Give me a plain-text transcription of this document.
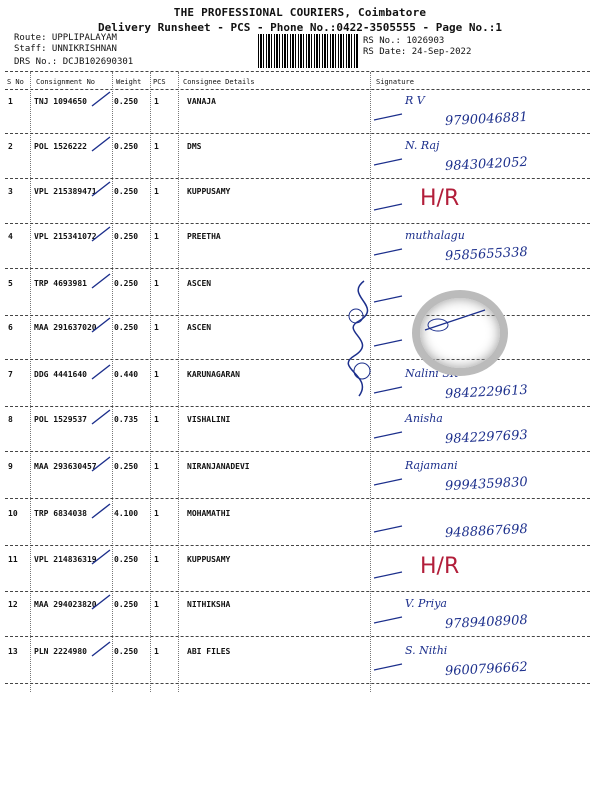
THE PROFESSIONAL COURIERS, Coimbatore
Delivery Runsheet - PCS - Phone No.:0422-3505555 - Page No.:1
Route: UPPLIPALAYAM
Staff: UNNIKRISHNAN
DRS No.: DCJB102690301
RS No.: 1026903
RS Date: 24-Sep-2022
S No Consignment No	Weight PCS Consignee Details	Signature
1	TNJ 1094650	0.250 1	VANAJA	R V
9790046881
2	POL 1526222	0.250 1	DMS	N. Raj
9843042052
3	VPL 215389471 0.250 1	KUPPUSAMY	H/R
4	VPL 215341072 0.250 1	PREETHA	muthalagu
9585655338
5	TRP 4693981	0.250 1	ASCEN
6	MAA 291637020 0.250 1	ASCEN
7	DDG 4441640	0.440 1	KARUNAGARAN	Nalini SK
9842229613
8	POL 1529537	0.735 1	VISHALINI	Anisha
9842297693
9	MAA 293630457 0.250 1	NIRANJANADEVI	Rajamani
9994359830
10 TRP 6834038	4.100 1	MOHAMATHI
9488867698
11 VPL 214836319 0.250 1	KUPPUSAMY	H/R
12 MAA 294023820 0.250 1	NITHIKSHA	V. Priya
9789408908
13 PLN 2224980	0.250 1	ABI FILES	S. Nithi
9600796662
